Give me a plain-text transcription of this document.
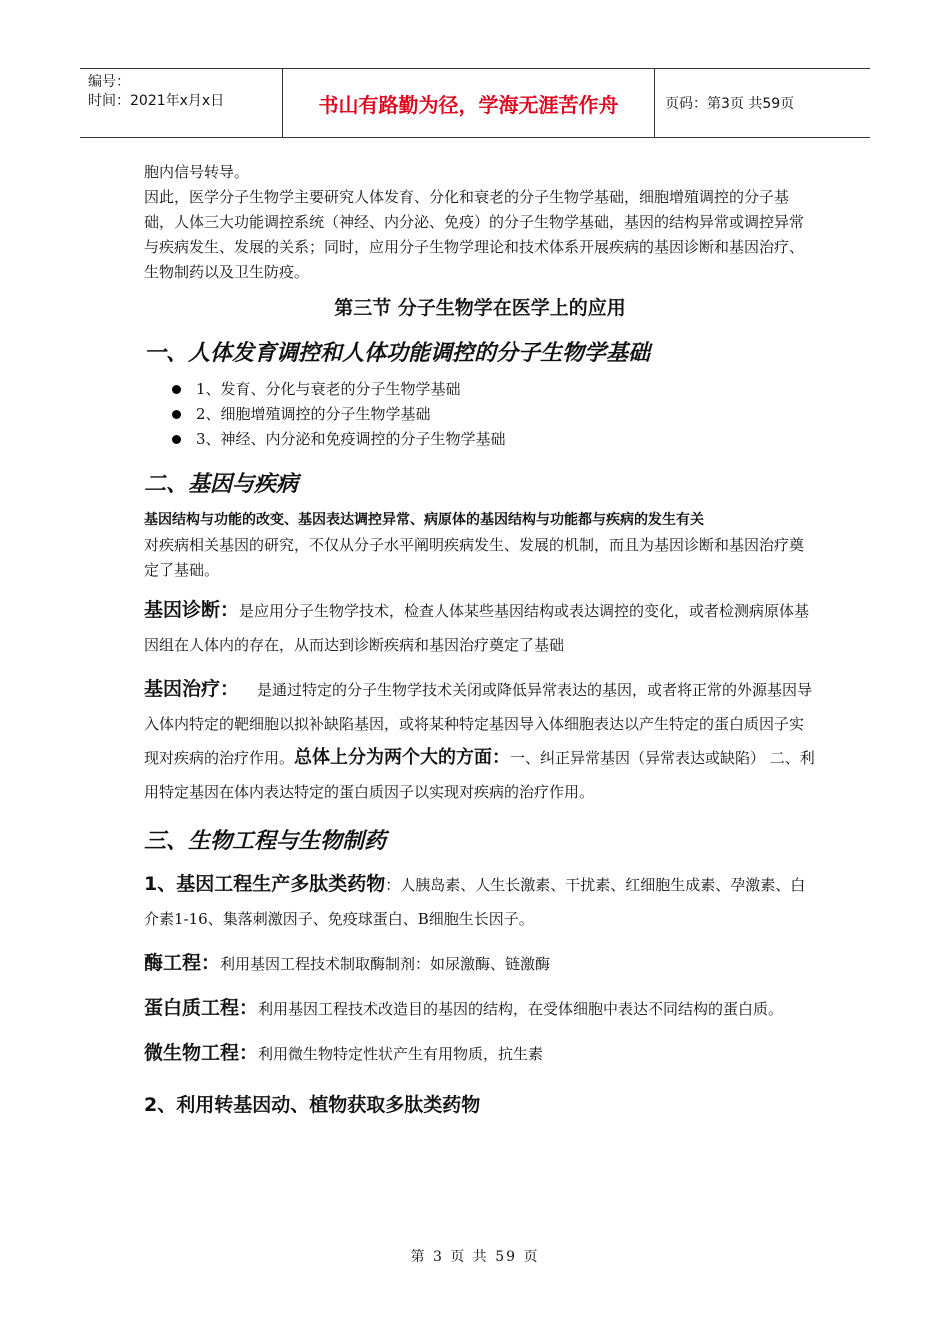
编号：
时间：2021年x月x日	书山有路勤为径，学海无涯苦作舟	页码：第3页 共59页

胞内信号转导。

因此，医学分子生物学主要研究人体发育、分化和衰老的分子生物学基础，细胞增殖调控的分子基础，人体三大功能调控系统（神经、内分泌、免疫）的分子生物学基础，基因的结构异常或调控异常与疾病发生、发展的关系；同时，应用分子生物学理论和技术体系开展疾病的基因诊断和基因治疗、生物制药以及卫生防疫。

第三节 分子生物学在医学上的应用

一、人体发育调控和人体功能调控的分子生物学基础

1、发育、分化与衰老的分子生物学基础
2、细胞增殖调控的分子生物学基础
3、神经、内分泌和免疫调控的分子生物学基础

二、基因与疾病

基因结构与功能的改变、基因表达调控异常、病原体的基因结构与功能都与疾病的发生有关

对疾病相关基因的研究，不仅从分子水平阐明疾病发生、发展的机制，而且为基因诊断和基因治疗奠定了基础。

基因诊断：是应用分子生物学技术，检查人体某些基因结构或表达调控的变化，或者检测病原体基因组在人体内的存在，从而达到诊断疾病和基因治疗奠定了基础

基因治疗： 是通过特定的分子生物学技术关闭或降低异常表达的基因，或者将正常的外源基因导入体内特定的靶细胞以拟补缺陷基因，或将某种特定基因导入体细胞表达以产生特定的蛋白质因子实现对疾病的治疗作用。总体上分为两个大的方面：一、纠正异常基因（异常表达或缺陷） 二、利用特定基因在体内表达特定的蛋白质因子以实现对疾病的治疗作用。

三、生物工程与生物制药

1、基因工程生产多肽类药物：人胰岛素、人生长激素、干扰素、红细胞生成素、孕激素、白介素1-16、集落刺激因子、免疫球蛋白、B细胞生长因子。

酶工程：利用基因工程技术制取酶制剂：如尿激酶、链激酶

蛋白质工程：利用基因工程技术改造目的基因的结构，在受体细胞中表达不同结构的蛋白质。

微生物工程：利用微生物特定性状产生有用物质，抗生素

2、利用转基因动、植物获取多肽类药物

第 3 页 共 59 页
